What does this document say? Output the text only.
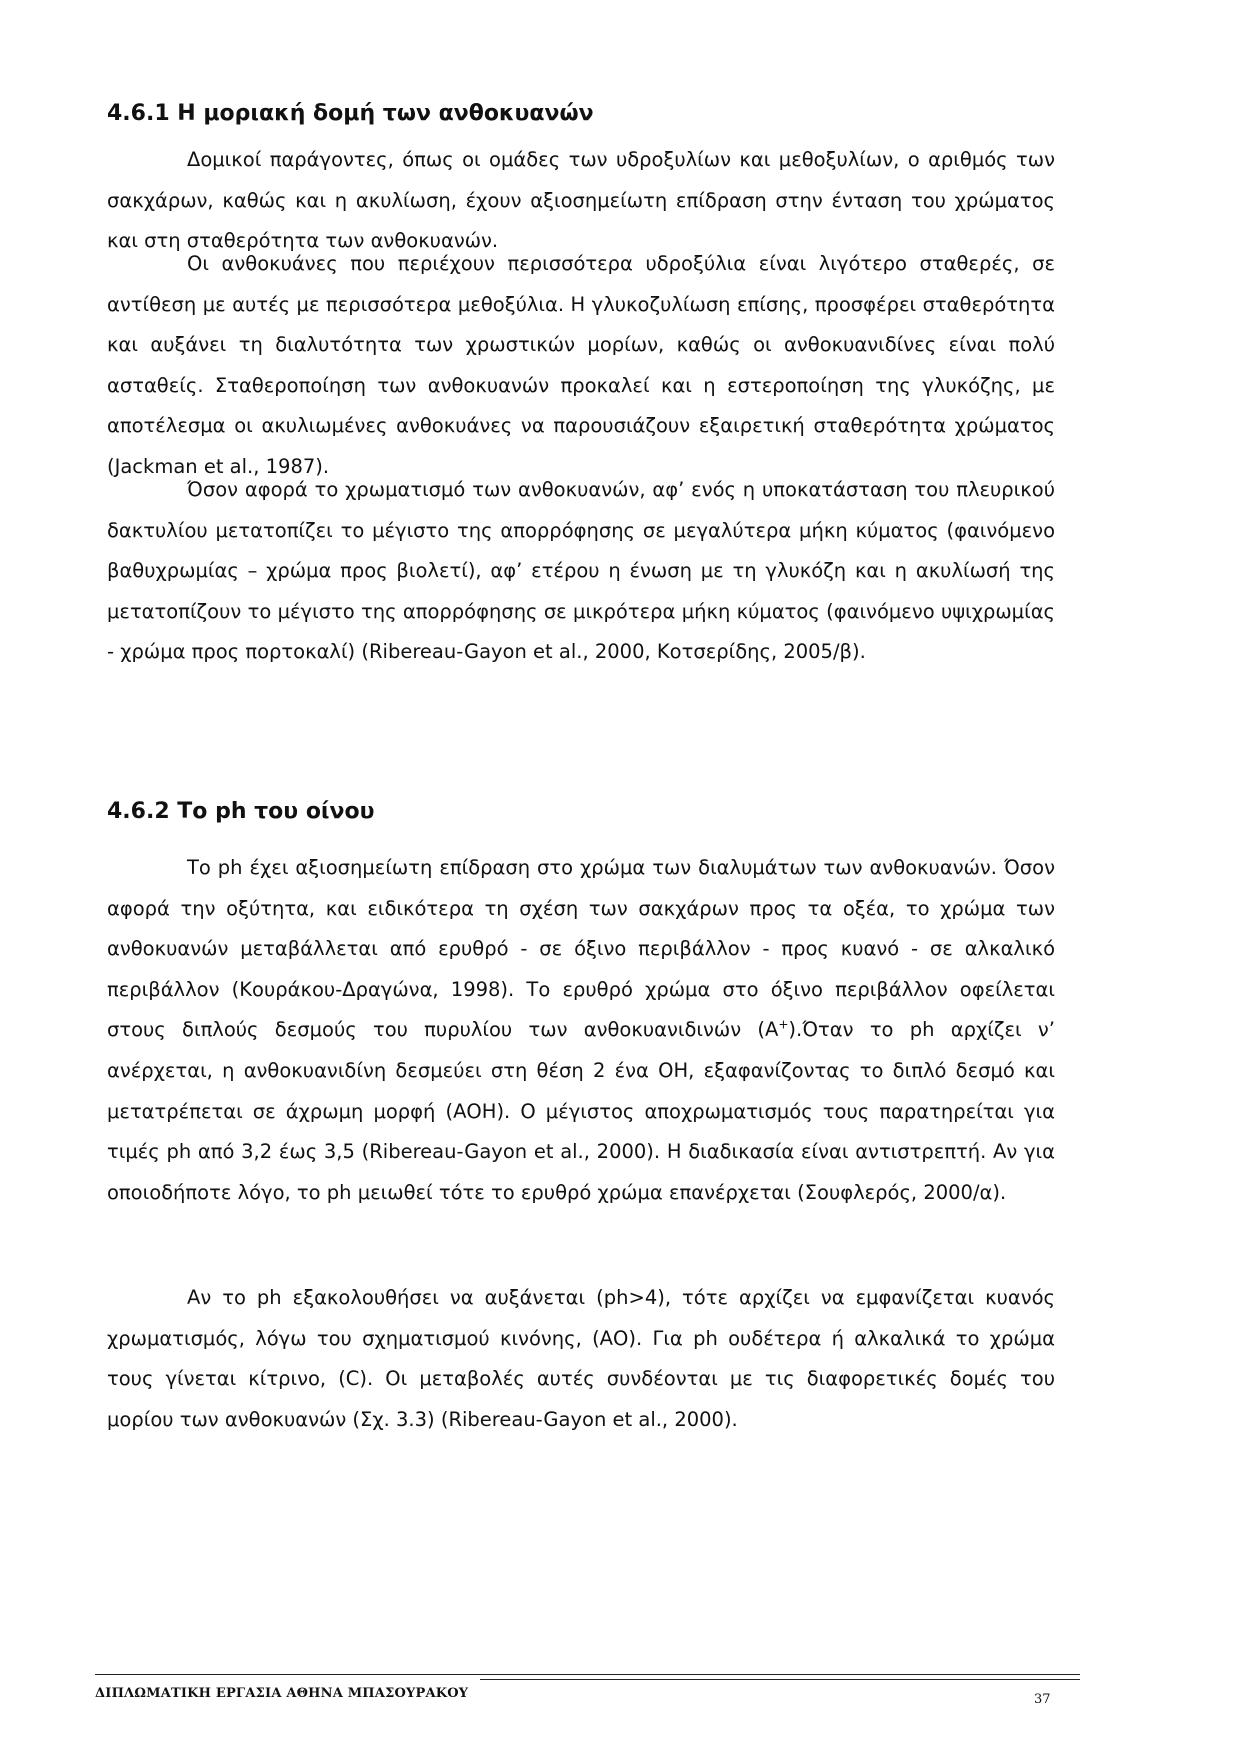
4.6.1 Η μοριακή δομή των ανθοκυανών

Δομικοί παράγοντες, όπως οι ομάδες των υδροξυλίων και μεθοξυλίων, ο αριθμός των σακχάρων, καθώς και η ακυλίωση, έχουν αξιοσημείωτη επίδραση στην ένταση του χρώματος και στη σταθερότητα των ανθοκυανών.

Οι ανθοκυάνες που περιέχουν περισσότερα υδροξύλια είναι λιγότερο σταθερές, σε αντίθεση με αυτές με περισσότερα μεθοξύλια. Η γλυκοζυλίωση επίσης, προσφέρει σταθερότητα και αυξάνει τη διαλυτότητα των χρωστικών μορίων, καθώς οι ανθοκυανιδίνες είναι πολύ ασταθείς. Σταθεροποίηση των ανθοκυανών προκαλεί και η εστεροποίηση της γλυκόζης, με αποτέλεσμα οι ακυλιωμένες ανθοκυάνες να παρουσιάζουν εξαιρετική σταθερότητα χρώματος (Jackman et al., 1987).

Όσον αφορά το χρωματισμό των ανθοκυανών, αφ’ ενός η υποκατάσταση του πλευρικού δακτυλίου μετατοπίζει το μέγιστο της απορρόφησης σε μεγαλύτερα μήκη κύματος (φαινόμενο βαθυχρωμίας – χρώμα προς βιολετί), αφ’ ετέρου η ένωση με τη γλυκόζη και η ακυλίωσή της μετατοπίζουν το μέγιστο της απορρόφησης σε μικρότερα μήκη κύματος (φαινόμενο υψιχρωμίας - χρώμα προς πορτοκαλί) (Ribereau-Gayon et al., 2000, Κοτσερίδης, 2005/β).

4.6.2 Το ph του οίνου

Το ph έχει αξιοσημείωτη επίδραση στο χρώμα των διαλυμάτων των ανθοκυανών. Όσον αφορά την οξύτητα, και ειδικότερα τη σχέση των σακχάρων προς τα οξέα, το χρώμα των ανθοκυανών μεταβάλλεται από ερυθρό - σε όξινο περιβάλλον - προς κυανό - σε αλκαλικό περιβάλλον (Κουράκου-Δραγώνα, 1998). Το ερυθρό χρώμα στο όξινο περιβάλλον οφείλεται στους διπλούς δεσμούς του πυρυλίου των ανθοκυανιδινών (Α+).Όταν το ph αρχίζει ν’ ανέρχεται, η ανθοκυανιδίνη δεσμεύει στη θέση 2 ένα ΟΗ, εξαφανίζοντας το διπλό δεσμό και μετατρέπεται σε άχρωμη μορφή (ΑΟΗ). Ο μέγιστος αποχρωματισμός τους παρατηρείται για τιμές ph από 3,2 έως 3,5 (Ribereau-Gayon et al., 2000). Η διαδικασία είναι αντιστρεπτή. Αν για οποιοδήποτε λόγο, το ph μειωθεί τότε το ερυθρό χρώμα επανέρχεται (Σουφλερός, 2000/α).

Αν το ph εξακολουθήσει να αυξάνεται (ph>4), τότε αρχίζει να εμφανίζεται κυανός χρωματισμός, λόγω του σχηματισμού κινόνης, (ΑΟ). Για ph ουδέτερα ή αλκαλικά το χρώμα τους γίνεται κίτρινο, (C). Οι μεταβολές αυτές συνδέονται με τις διαφορετικές δομές του μορίου των ανθοκυανών (Σχ. 3.3) (Ribereau-Gayon et al., 2000).

ΔΙΠΛΩΜΑΤΙΚΗ ΕΡΓΑΣΙΑ ΑΘΗΝΑ ΜΠΑΣΟΥΡΑΚΟΥ	37
